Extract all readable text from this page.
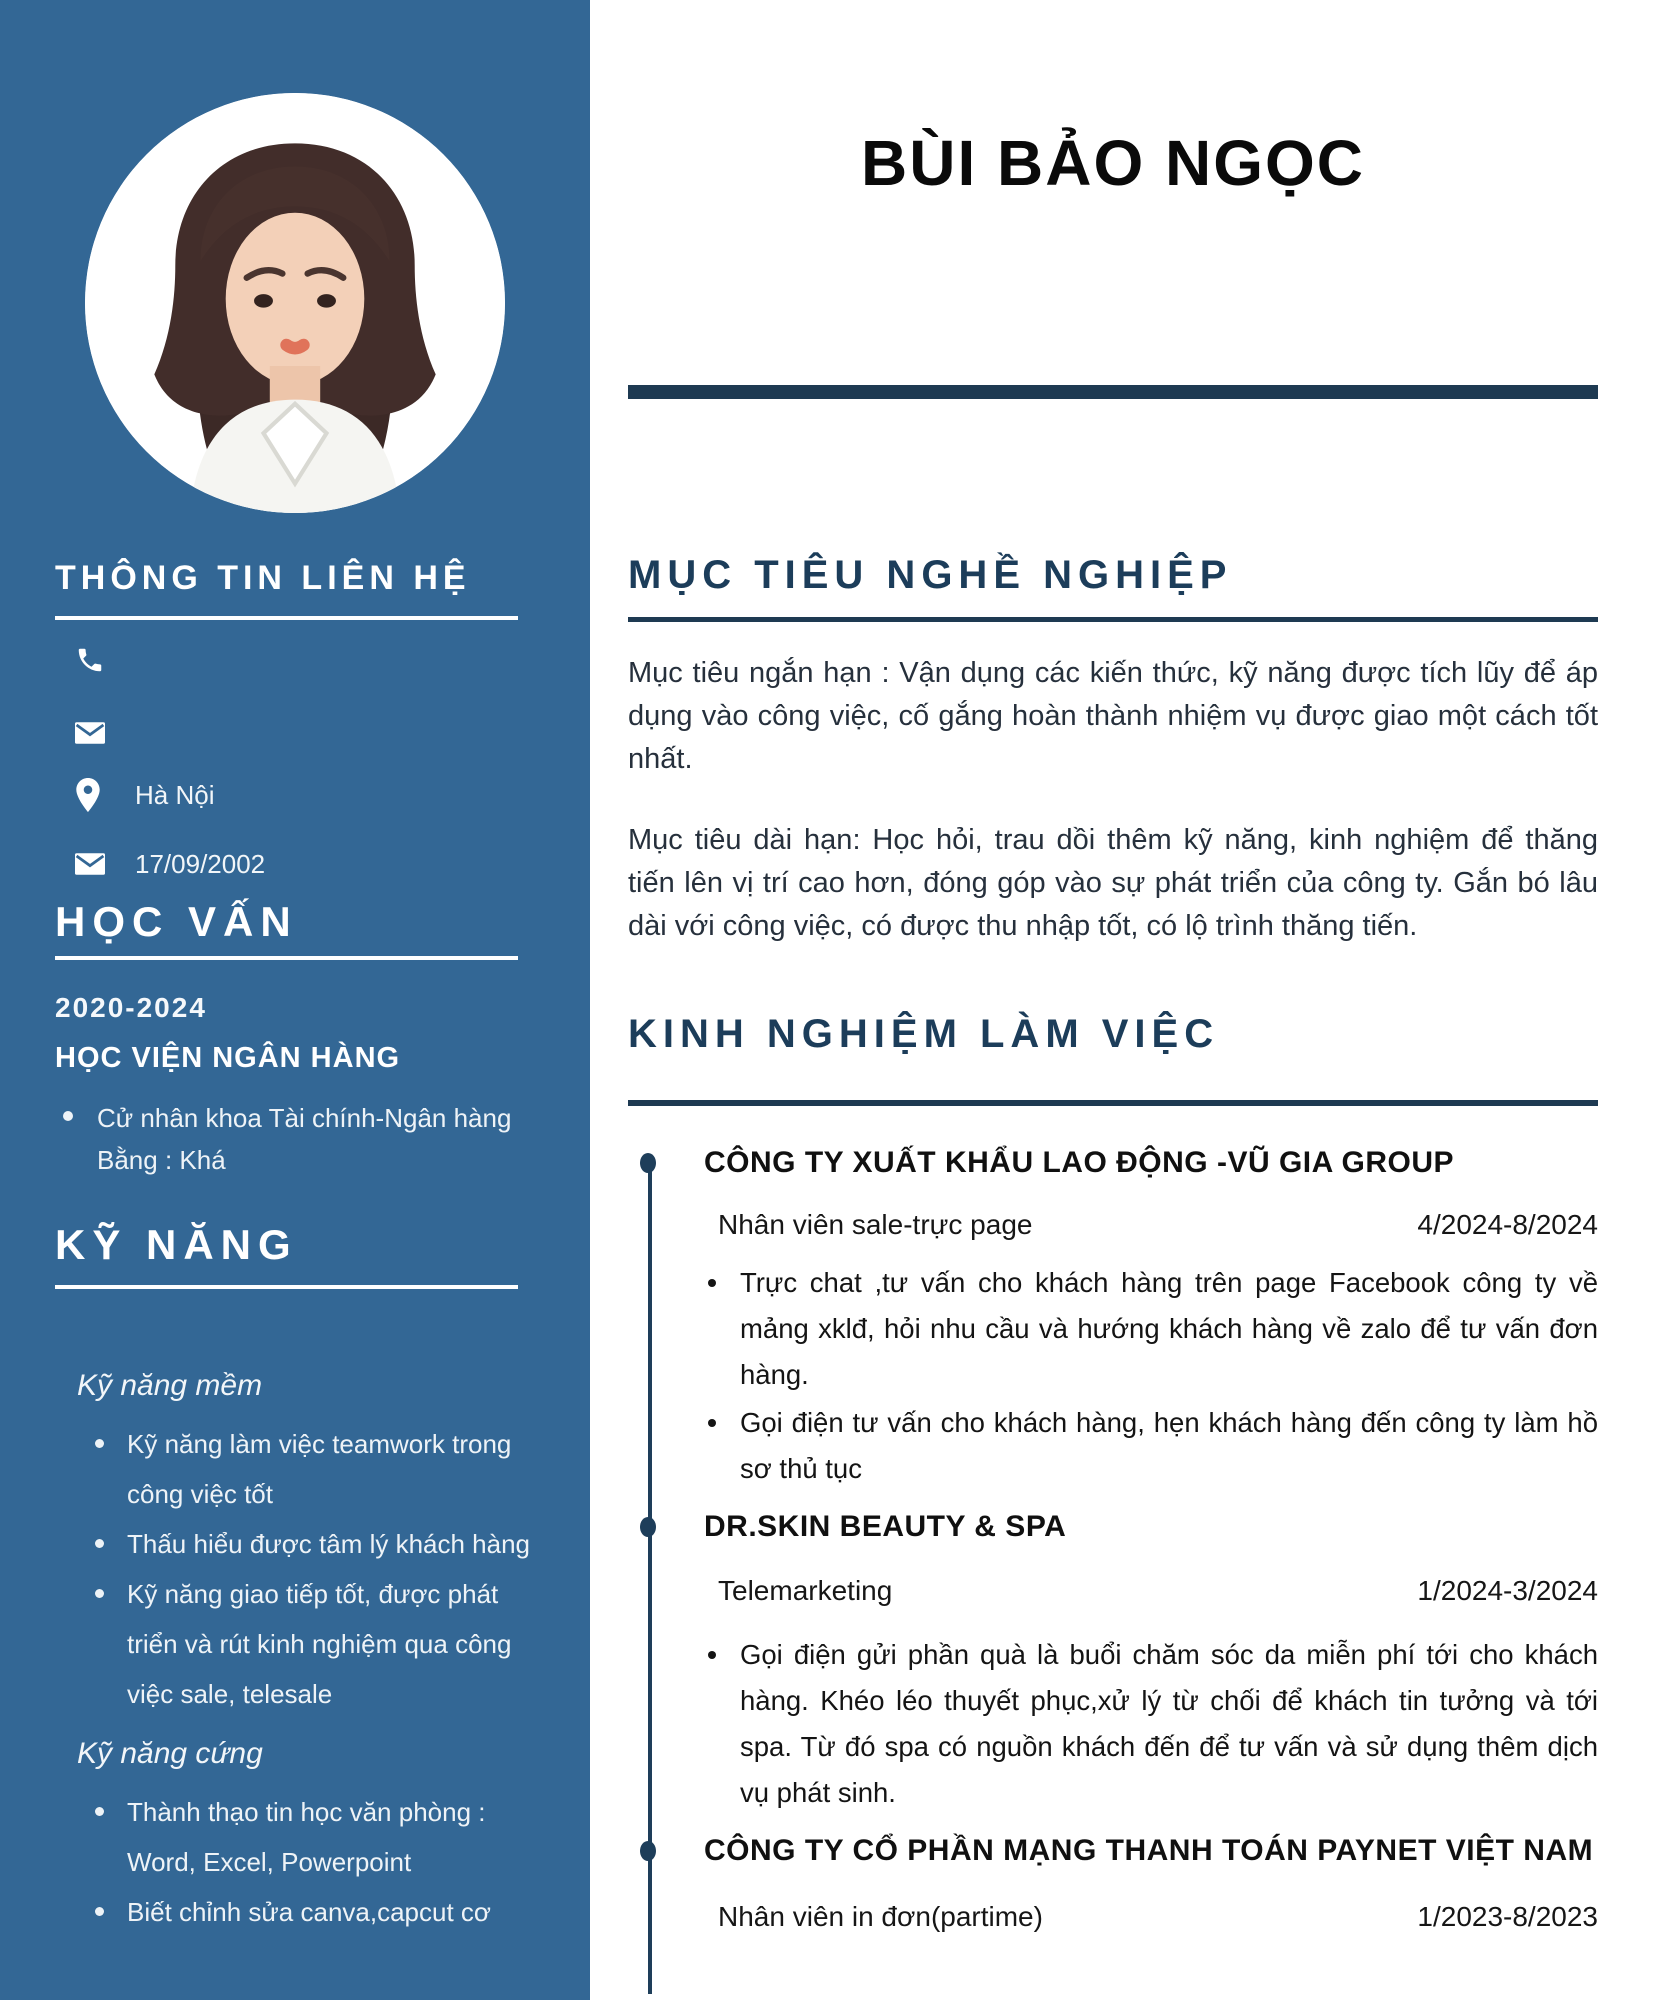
THÔNG TIN LIÊN HỆ
Hà Nội
17/09/2002
HỌC VẤN
2020-2024
HỌC VIỆN NGÂN HÀNG
Cử nhân khoa Tài chính-Ngân hàng
Bằng : Khá
KỸ NĂNG
Kỹ năng mềm
Kỹ năng làm việc teamwork trong công việc tốt
Thấu hiểu được tâm lý khách hàng
Kỹ năng giao tiếp tốt, được phát triển và rút kinh nghiệm qua công việc sale, telesale
Kỹ năng cứng
Thành thạo tin học văn phòng : Word, Excel, Powerpoint
Biết chỉnh sửa canva,capcut cơ
BÙI BẢO NGỌC
MỤC TIÊU NGHỀ NGHIỆP

Mục tiêu ngắn hạn : Vận dụng các kiến thức, kỹ năng được tích lũy để áp dụng vào công việc, cố gắng hoàn thành nhiệm vụ được giao một cách tốt nhất.

Mục tiêu dài hạn: Học hỏi, trau dồi thêm kỹ năng, kinh nghiệm để thăng tiến lên vị trí cao hơn, đóng góp vào sự phát triển của công ty. Gắn bó lâu dài với công việc, có được thu nhập tốt, có lộ trình thăng tiến.

KINH NGHIỆM LÀM VIỆC
CÔNG TY XUẤT KHẨU LAO ĐỘNG -VŨ GIA GROUP
Nhân viên sale-trực page	4/2024-8/2024
Trực chat ,tư vấn cho khách hàng trên page Facebook công ty về mảng xklđ, hỏi nhu cầu và hướng khách hàng về zalo để tư vấn đơn hàng.
Gọi điện tư vấn cho khách hàng, hẹn khách hàng đến công ty làm hồ sơ thủ tục
DR.SKIN BEAUTY & SPA
Telemarketing	1/2024-3/2024
Gọi điện gửi phần quà là buổi chăm sóc da miễn phí tới cho khách hàng. Khéo léo thuyết phục,xử lý từ chối để khách tin tưởng và tới spa. Từ đó spa có nguồn khách đến để tư vấn và sử dụng thêm dịch vụ phát sinh.
CÔNG TY CỔ PHẦN MẠNG THANH TOÁN PAYNET VIỆT NAM
Nhân viên in đơn(partime)	1/2023-8/2023
